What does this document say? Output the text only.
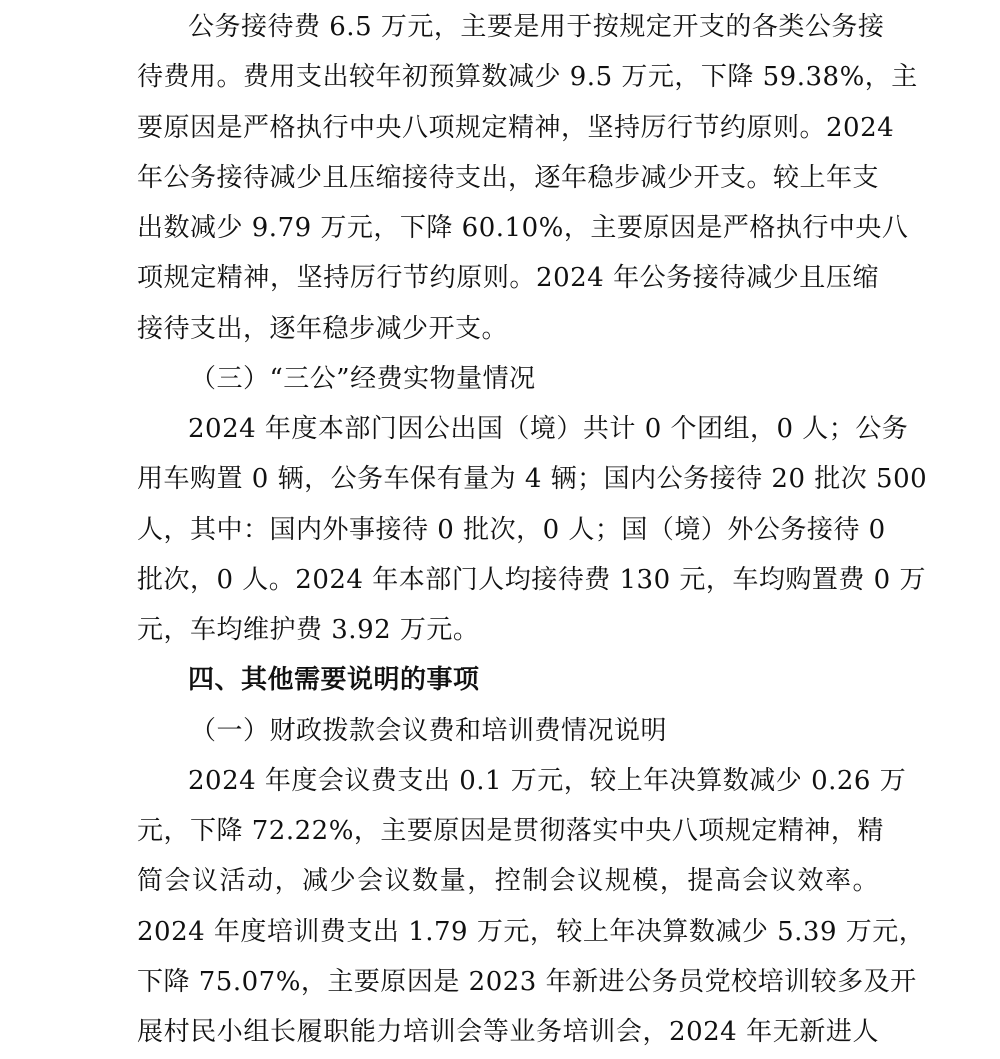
公务接待费 6.5 万元，主要是用于按规定开支的各类公务接
待费用。费用支出较年初预算数减少 9.5 万元，下降 59.38%，主
要原因是严格执行中央八项规定精神，坚持厉行节约原则。2024
年公务接待减少且压缩接待支出，逐年稳步减少开支。较上年支
出数减少 9.79 万元，下降 60.10%，主要原因是严格执行中央八
项规定精神，坚持厉行节约原则。2024 年公务接待减少且压缩
接待支出，逐年稳步减少开支。
（三）“三公”经费实物量情况
2024 年度本部门因公出国（境）共计 0 个团组，0 人；公务
用车购置 0 辆，公务车保有量为 4 辆；国内公务接待 20 批次 500
人，其中：国内外事接待 0 批次，0 人；国（境）外公务接待 0
批次，0 人。2024 年本部门人均接待费 130 元，车均购置费 0 万
元，车均维护费 3.92 万元。
四、其他需要说明的事项
（一）财政拨款会议费和培训费情况说明
2024 年度会议费支出 0.1 万元，较上年决算数减少 0.26 万
元，下降 72.22%，主要原因是贯彻落实中央八项规定精神，精
简会议活动，减少会议数量，控制会议规模，提高会议效率。
2024 年度培训费支出 1.79 万元，较上年决算数减少 5.39 万元，
下降 75.07%，主要原因是 2023 年新进公务员党校培训较多及开
展村民小组长履职能力培训会等业务培训会，2024 年无新进人
